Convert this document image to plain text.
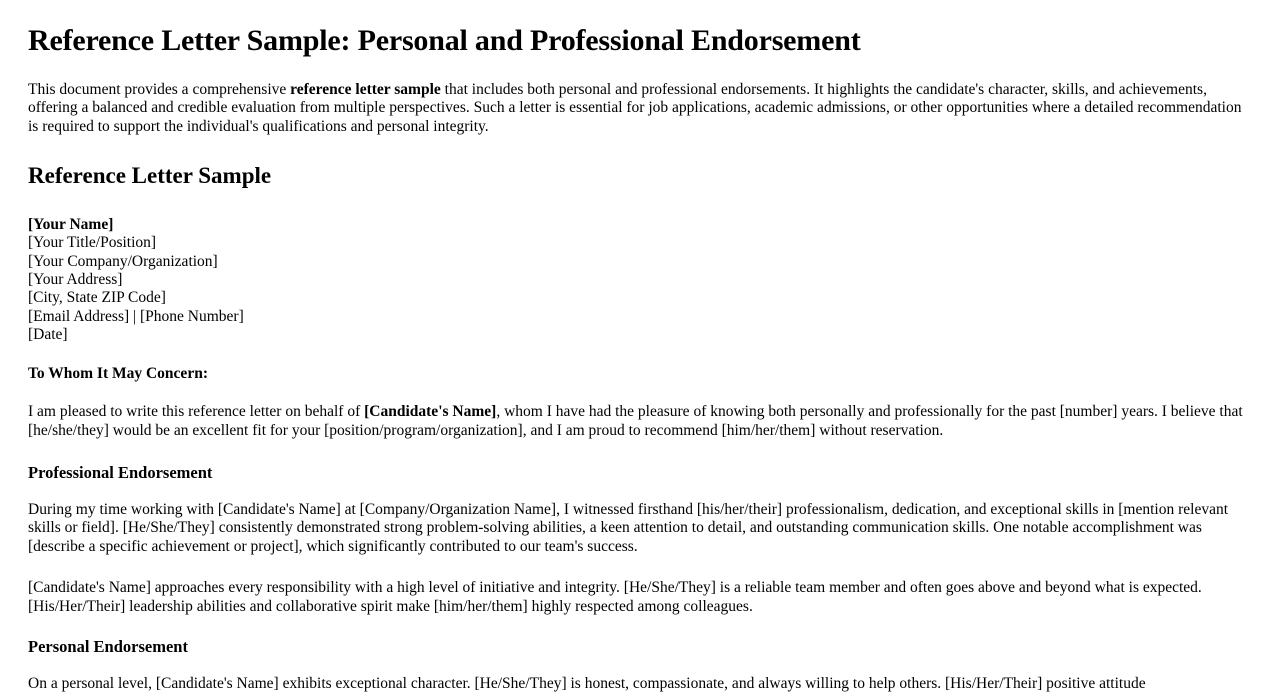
Reference Letter Sample: Personal and Professional Endorsement

This document provides a comprehensive reference letter sample that includes both personal and professional endorsements. It highlights the candidate's character, skills, and achievements, offering a balanced and credible evaluation from multiple perspectives. Such a letter is essential for job applications, academic admissions, or other opportunities where a detailed recommendation is required to support the individual's qualifications and personal integrity.

Reference Letter Sample
[Your Name]
[Your Title/Position]
[Your Company/Organization]
[Your Address]
[City, State ZIP Code]
[Email Address] | [Phone Number]
[Date]
To Whom It May Concern:

I am pleased to write this reference letter on behalf of [Candidate's Name], whom I have had the pleasure of knowing both personally and professionally for the past [number] years. I believe that [he/she/they] would be an excellent fit for your [position/program/organization], and I am proud to recommend [him/her/them] without reservation.

Professional Endorsement

During my time working with [Candidate's Name] at [Company/Organization Name], I witnessed firsthand [his/her/their] professionalism, dedication, and exceptional skills in [mention relevant skills or field]. [He/She/They] consistently demonstrated strong problem-solving abilities, a keen attention to detail, and outstanding communication skills. One notable accomplishment was [describe a specific achievement or project], which significantly contributed to our team's success.

[Candidate's Name] approaches every responsibility with a high level of initiative and integrity. [He/She/They] is a reliable team member and often goes above and beyond what is expected. [His/Her/Their] leadership abilities and collaborative spirit make [him/her/them] highly respected among colleagues.

Personal Endorsement

On a personal level, [Candidate's Name] exhibits exceptional character. [He/She/They] is honest, compassionate, and always willing to help others. [His/Her/Their] positive attitude
